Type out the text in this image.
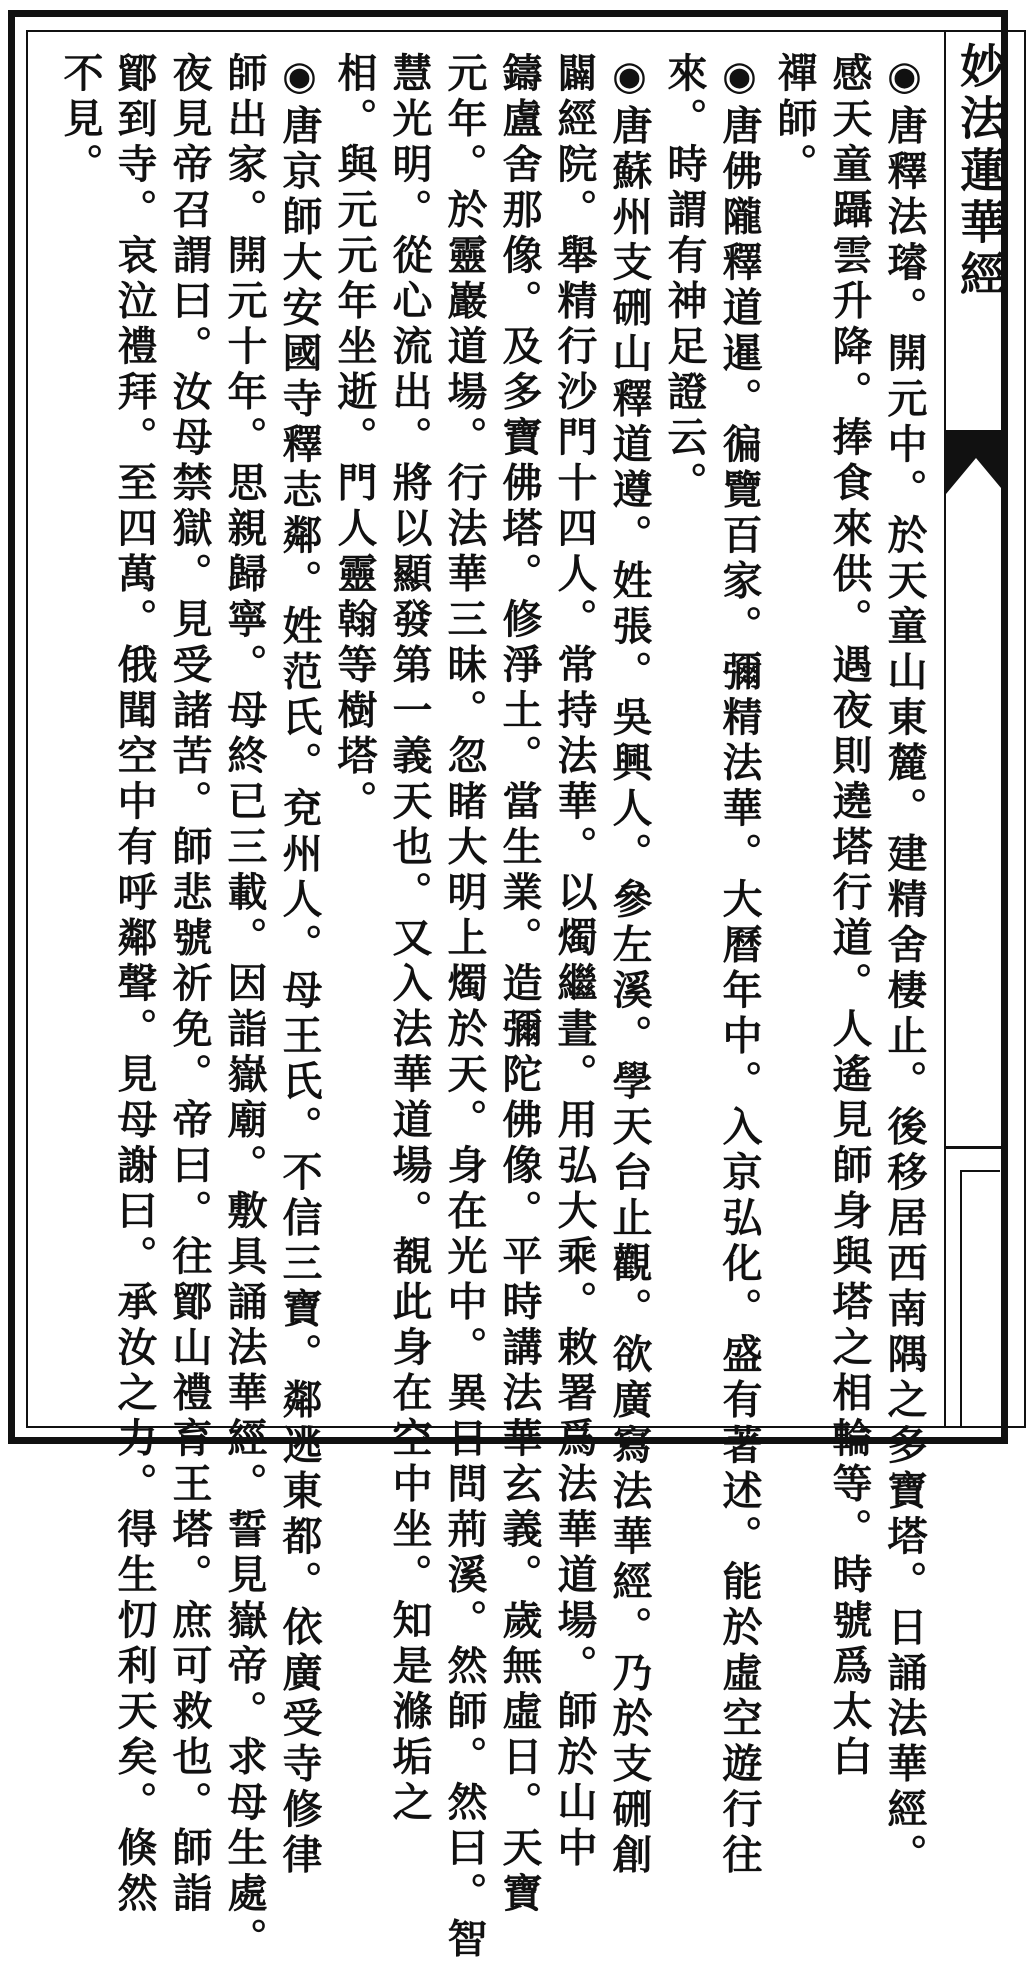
◉唐釋法璿。開元中。於天童山東麓。建精舍棲止。後移居西南隅之多寶塔。日誦法華經。
感天童躡雲升降。捧食來供。遇夜則遶塔行道。人遙見師身與塔之相輪等。時號爲太白
禪師。
◉唐佛隴釋道暹。徧覽百家。彌精法華。大曆年中。入京弘化。盛有著述。能於虛空遊行往
來。時謂有神足證云。
◉唐蘇州支硎山釋道遵。姓張。吳興人。參左溪。學天台止觀。欲廣寫法華經。乃於支硎創
闢經院。舉精行沙門十四人。常持法華。以燭繼晝。用弘大乘。敕署爲法華道場。師於山中
鑄盧舍那像。及多寶佛塔。修淨土。當生業。造彌陀佛像。平時講法華玄義。歲無虛日。天寶
元年。於靈巖道場。行法華三昧。忽睹大明上燭於天。身在光中。異日問荊溪。然師。然曰。智
慧光明。從心流出。將以顯發第一義天也。又入法華道場。覩此身在空中坐。知是滌垢之
相。與元元年坐逝。門人靈翰等樹塔。
◉唐京師大安國寺釋志鄰。姓范氏。兗州人。母王氏。不信三寶。鄰逃東都。依廣受寺修律
師出家。開元十年。思親歸寧。母終已三載。因詣嶽廟。敷具誦法華經。誓見嶽帝。求母生處。
夜見帝召謂曰。汝母禁獄。見受諸苦。師悲號祈免。帝曰。往鄮山禮育王塔。庶可救也。師詣
鄮到寺。哀泣禮拜。至四萬。俄聞空中有呼鄰聲。見母謝曰。承汝之力。得生忉利天矣。倏然
不見。	妙法蓮華經
